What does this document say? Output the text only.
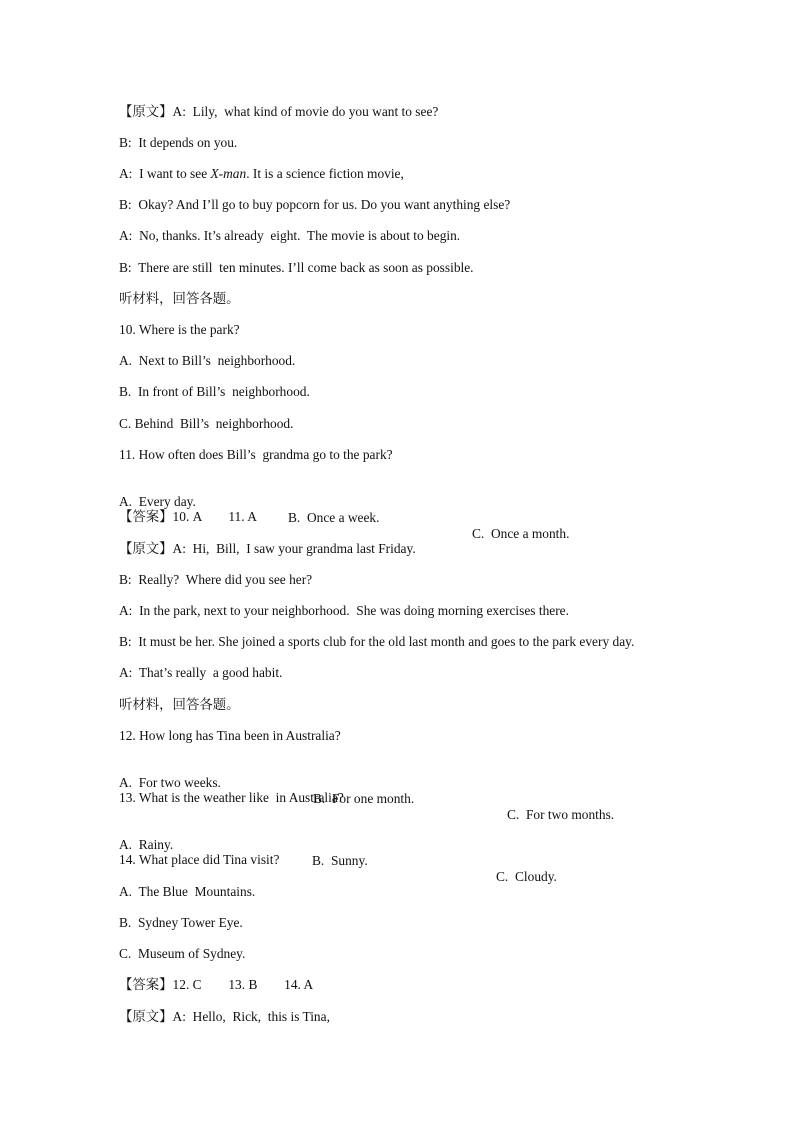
【原文】A:  Lily,  what kind of movie do you want to see?
B:  It depends on you.
A:  I want to see X-man. It is a science fiction movie,
B:  Okay? And I’ll go to buy popcorn for us. Do you want anything else?
A:  No, thanks. It’s already  eight.  The movie is about to begin.
B:  There are still  ten minutes. I’ll come back as soon as possible.
听材料，回答各题。
10. Where is the park?
A.  Next to Bill’s  neighborhood.
B.  In front of Bill’s  neighborhood.
C. Behind  Bill’s  neighborhood.
11. How often does Bill’s  grandma go to the park?

A.  Every day.

B.  Once a week.

C.  Once a month.

【答案】10. A        11. A
【原文】A:  Hi,  Bill,  I saw your grandma last Friday.
B:  Really?  Where did you see her?
A:  In the park, next to your neighborhood.  She was doing morning exercises there.
B:  It must be her. She joined a sports club for the old last month and goes to the park every day.
A:  That’s really  a good habit.
听材料，回答各题。
12. How long has Tina been in Australia?

A.  For two weeks.

B.  For one month.

C.  For two months.

13. What is the weather like  in Australia?

A.  Rainy.

B.  Sunny.

C.  Cloudy.

14. What place did Tina visit?
A.  The Blue  Mountains.
B.  Sydney Tower Eye.
C.  Museum of Sydney.
【答案】12. C        13. B        14. A
【原文】A:  Hello,  Rick,  this is Tina,
